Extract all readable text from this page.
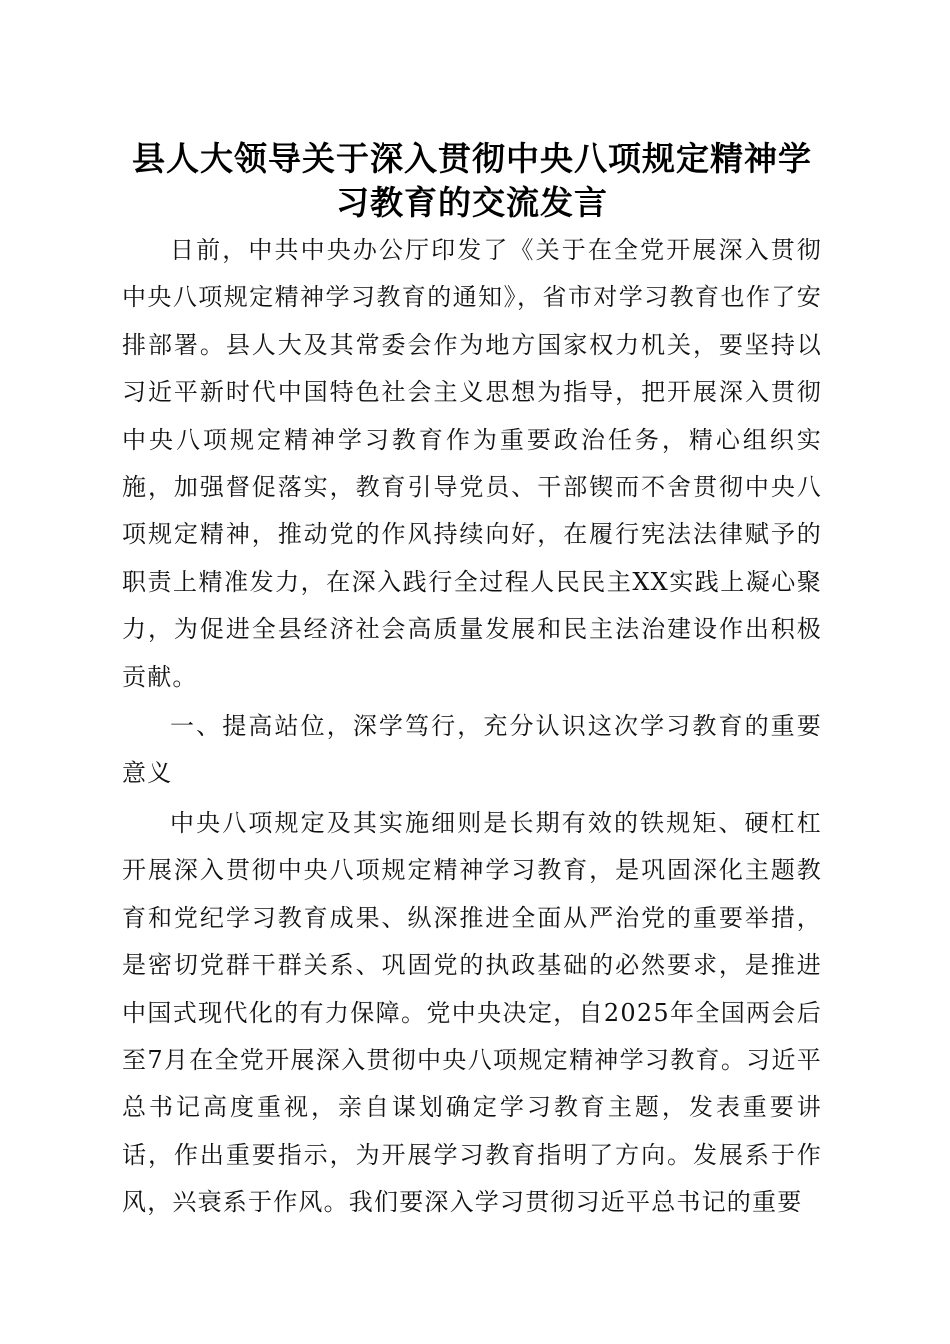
县人大领导关于深入贯彻中央八项规定精神学习教育的交流发言

日前，中共中央办公厅印发了《关于在全党开展深入贯彻中央八项规定精神学习教育的通知》，省市对学习教育也作了安排部署。县人大及其常委会作为地方国家权力机关，要坚持以习近平新时代中国特色社会主义思想为指导，把开展深入贯彻中央八项规定精神学习教育作为重要政治任务，精心组织实施，加强督促落实，教育引导党员、干部锲而不舍贯彻中央八项规定精神，推动党的作风持续向好，在履行宪法法律赋予的职责上精准发力，在深入践行全过程人民民主XX实践上凝心聚力，为促进全县经济社会高质量发展和民主法治建设作出积极贡献。

一、提高站位，深学笃行，充分认识这次学习教育的重要意义

中央八项规定及其实施细则是长期有效的铁规矩、硬杠杠开展深入贯彻中央八项规定精神学习教育，是巩固深化主题教育和党纪学习教育成果、纵深推进全面从严治党的重要举措，是密切党群干群关系、巩固党的执政基础的必然要求，是推进中国式现代化的有力保障。党中央决定，自2025年全国两会后至7月在全党开展深入贯彻中央八项规定精神学习教育。习近平总书记高度重视，亲自谋划确定学习教育主题，发表重要讲话，作出重要指示，为开展学习教育指明了方向。发展系于作风，兴衰系于作风。我们要深入学习贯彻习近平总书记的重要
